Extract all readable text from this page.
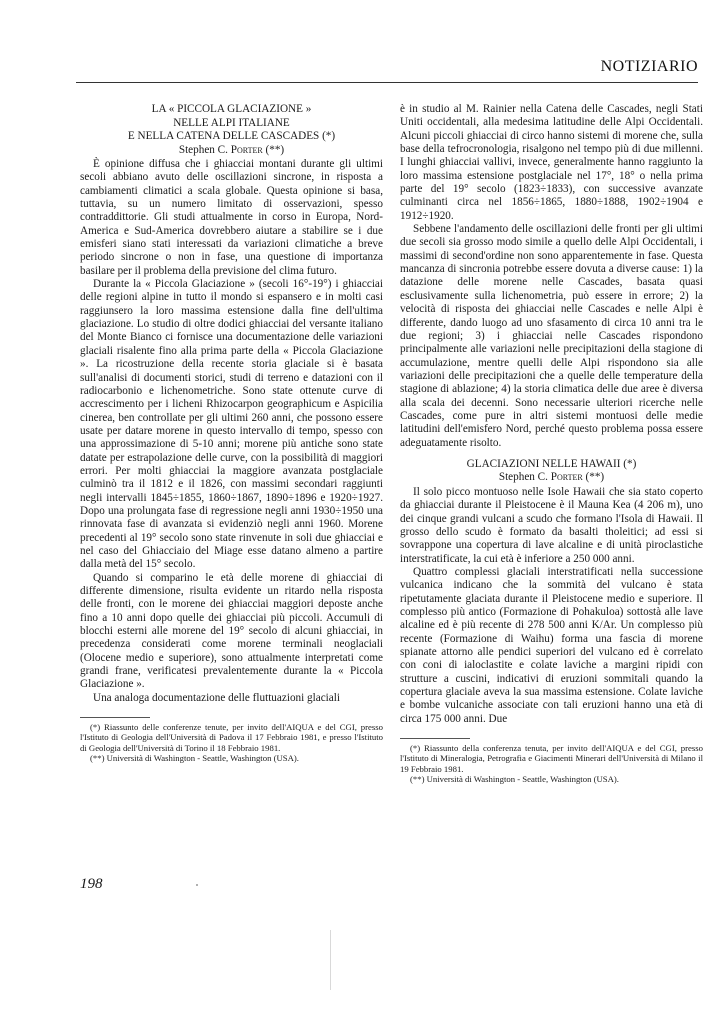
NOTIZIARIO
LA « PICCOLA GLACIAZIONE »
NELLE ALPI ITALIANE
E NELLA CATENA DELLE CASCADES (*)
Stephen C. Porter (**)

È opinione diffusa che i ghiacciai montani durante gli ultimi secoli abbiano avuto delle oscillazioni sincrone, in risposta a cambiamenti climatici a scala globale. Questa opinione si basa, tuttavia, su un numero limitato di osservazioni, spesso contraddittorie. Gli studi attualmente in corso in Europa, Nord-America e Sud-America dovrebbero aiutare a stabilire se i due emisferi siano stati interessati da variazioni climatiche a breve periodo sincrone o non in fase, una questione di importanza basilare per il problema della previsione del clima futuro.

Durante la « Piccola Glaciazione » (secoli 16°-19°) i ghiacciai delle regioni alpine in tutto il mondo si espansero e in molti casi raggiunsero la loro massima estensione dalla fine dell'ultima glaciazione. Lo studio di oltre dodici ghiacciai del versante italiano del Monte Bianco ci fornisce una documentazione delle variazioni glaciali risalente fino alla prima parte della « Piccola Glaciazione ». La ricostruzione della recente storia glaciale si è basata sull'analisi di documenti storici, studi di terreno e datazioni con il radiocarbonio e lichenometriche. Sono state ottenute curve di accrescimento per i licheni Rhizocarpon geographicum e Aspicilia cinerea, ben controllate per gli ultimi 260 anni, che possono essere usate per datare morene in questo intervallo di tempo, spesso con una approssimazione di 5-10 anni; morene più antiche sono state datate per estrapolazione delle curve, con la possibilità di maggiori errori. Per molti ghiacciai la maggiore avanzata postglaciale culminò tra il 1812 e il 1826, con massimi secondari raggiunti negli intervalli 1845÷1855, 1860÷1867, 1890÷1896 e 1920÷1927. Dopo una prolungata fase di regressione negli anni 1930÷1950 una rinnovata fase di avanzata si evidenziò negli anni 1960. Morene precedenti al 19° secolo sono state rinvenute in soli due ghiacciai e nel caso del Ghiacciaio del Miage esse datano almeno a partire dalla metà del 15° secolo.

Quando si comparino le età delle morene di ghiacciai di differente dimensione, risulta evidente un ritardo nella risposta delle fronti, con le morene dei ghiacciai maggiori deposte anche fino a 10 anni dopo quelle dei ghiacciai più piccoli. Accumuli di blocchi esterni alle morene del 19° secolo di alcuni ghiacciai, in precedenza considerati come morene terminali neoglaciali (Olocene medio e superiore), sono attualmente interpretati come grandi frane, verificatesi prevalentemente durante la « Piccola Glaciazione ».

Una analoga documentazione delle fluttuazioni glaciali

(*) Riassunto delle conferenze tenute, per invito dell'AIQUA e del CGI, presso l'Istituto di Geologia dell'Università di Padova il 17 Febbraio 1981, e presso l'Istituto di Geologia dell'Università di Torino il 18 Febbraio 1981.

(**) Università di Washington - Seattle, Washington (USA).

è in studio al M. Rainier nella Catena delle Cascades, negli Stati Uniti occidentali, alla medesima latitudine delle Alpi Occidentali. Alcuni piccoli ghiacciai di circo hanno sistemi di morene che, sulla base della tefrocronologia, risalgono nel tempo più di due millenni. I lunghi ghiacciai vallivi, invece, generalmente hanno raggiunto la loro massima estensione postglaciale nel 17°, 18° o nella prima parte del 19° secolo (1823÷1833), con successive avanzate culminanti circa nel 1856÷1865, 1880÷1888, 1902÷1904 e 1912÷1920.

Sebbene l'andamento delle oscillazioni delle fronti per gli ultimi due secoli sia grosso modo simile a quello delle Alpi Occidentali, i massimi di second'ordine non sono apparentemente in fase. Questa mancanza di sincronia potrebbe essere dovuta a diverse cause: 1) la datazione delle morene nelle Cascades, basata quasi esclusivamente sulla lichenometria, può essere in errore; 2) la velocità di risposta dei ghiacciai nelle Cascades e nelle Alpi è differente, dando luogo ad uno sfasamento di circa 10 anni tra le due regioni; 3) i ghiacciai nelle Cascades rispondono principalmente alle variazioni nelle precipitazioni della stagione di accumulazione, mentre quelli delle Alpi rispondono sia alle variazioni delle precipitazioni che a quelle delle temperature della stagione di ablazione; 4) la storia climatica delle due aree è diversa alla scala dei decenni. Sono necessarie ulteriori ricerche nelle Cascades, come pure in altri sistemi montuosi delle medie latitudini dell'emisfero Nord, perché questo problema possa essere adeguatamente risolto.

GLACIAZIONI NELLE HAWAII (*)
Stephen C. Porter (**)

Il solo picco montuoso nelle Isole Hawaii che sia stato coperto da ghiacciai durante il Pleistocene è il Mauna Kea (4 206 m), uno dei cinque grandi vulcani a scudo che formano l'Isola di Hawaii. Il grosso dello scudo è formato da basalti tholeitici; ad essi si sovrappone una copertura di lave alcaline e di unità piroclastiche interstratificate, la cui età è inferiore a 250 000 anni.

Quattro complessi glaciali interstratificati nella successione vulcanica indicano che la sommità del vulcano è stata ripetutamente glaciata durante il Pleistocene medio e superiore. Il complesso più antico (Formazione di Pohakuloa) sottostà alle lave alcaline ed è più recente di 278 500 anni K/Ar. Un complesso più recente (Formazione di Waihu) forma una fascia di morene spianate attorno alle pendici superiori del vulcano ed è correlato con coni di ialoclastite e colate laviche a margini ripidi con strutture a cuscini, indicativi di eruzioni sommitali quando la copertura glaciale aveva la sua massima estensione. Colate laviche e bombe vulcaniche associate con tali eruzioni hanno una età di circa 175 000 anni. Due

(*) Riassunto della conferenza tenuta, per invito dell'AIQUA e del CGI, presso l'Istituto di Mineralogia, Petrografia e Giacimenti Minerari dell'Università di Milano il 19 Febbraio 1981.

(**) Università di Washington - Seattle, Washington (USA).

198
